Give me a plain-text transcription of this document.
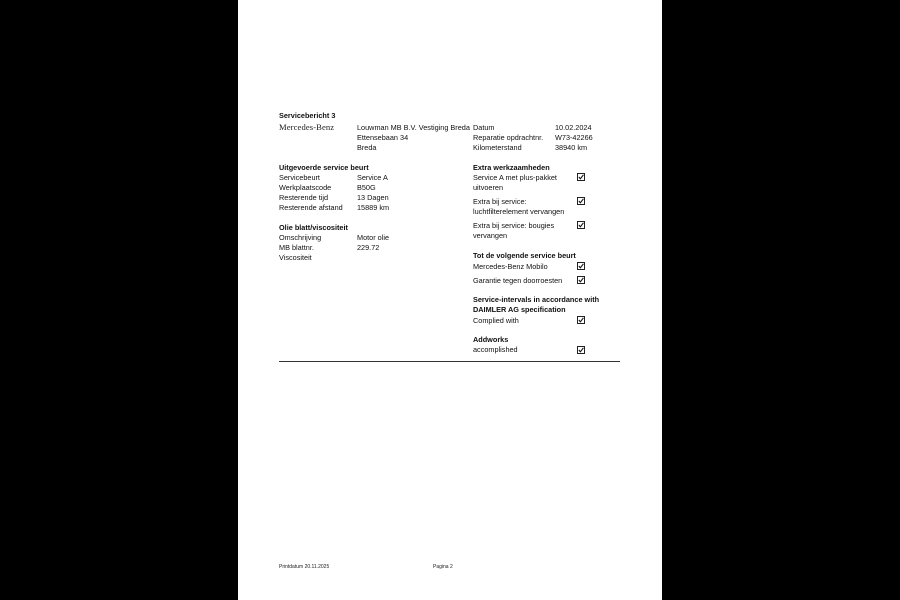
Servicebericht 3
Mercedes-Benz	Louwman MB B.V. Vestiging Breda
Ettensebaan 34
Breda
Datum	10.02.2024
Reparatie opdrachtnr. W73-42266
Kilometerstand	38940 km
Uitgevoerde service beurt
Servicebeurt	Service A
Werkplaatscode	B50G
Resterende tijd	13 Dagen
Resterende afstand 15889 km
Olie blatt/viscositeit
Omschrijving	Motor olie
MB blattnr.	229.72
Viscositeit
Extra werkzaamheden
Service A met plus-pakket
uitvoeren
Extra bij service:
luchtfilterelement vervangen
Extra bij service: bougies
vervangen
Tot de volgende service beurt
Mercedes-Benz Mobilo
Garantie tegen doorroesten
Service-intervals in accordance with
DAIMLER AG specification
Complied with
Addworks
accomplished
Printdatum 20.11.2025	Pagina 2
